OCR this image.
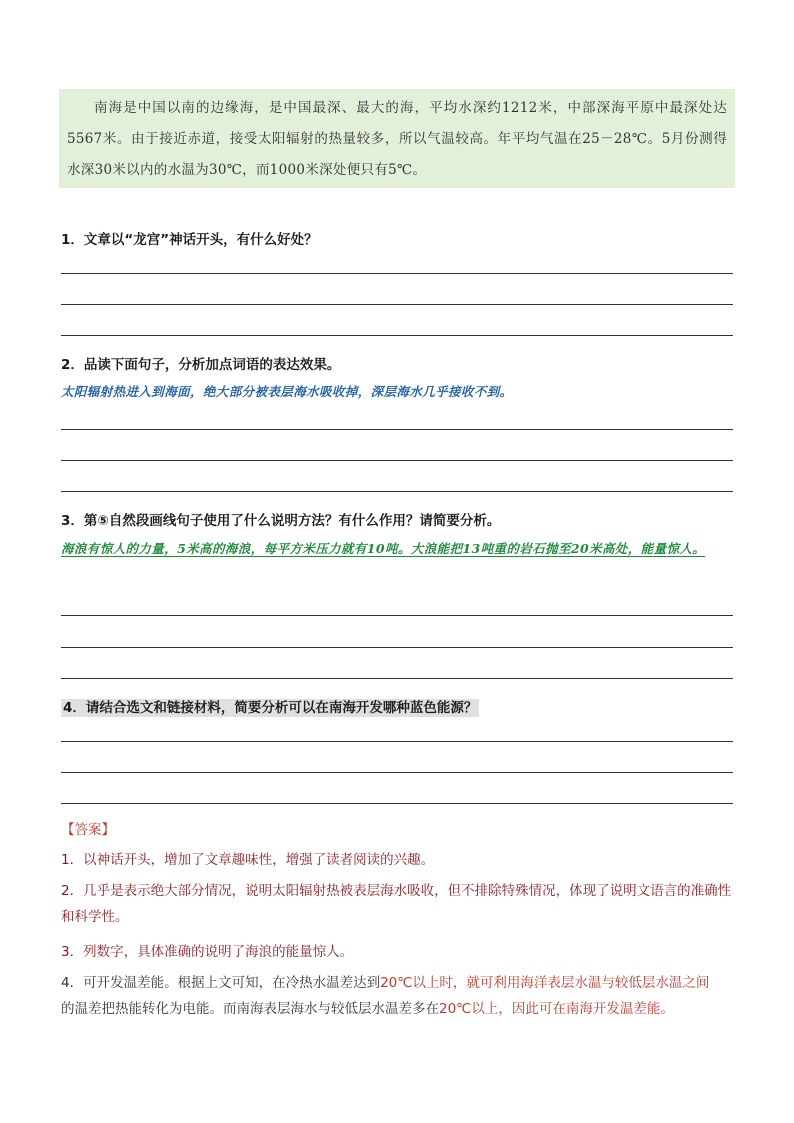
南海是中国以南的边缘海，是中国最深、最大的海，平均水深约1212米，中部深海平原中最深处达5567米。由于接近赤道，接受太阳辐射的热量较多，所以气温较高。年平均气温在25－28℃。5月份测得水深30米以内的水温为30℃，而1000米深处便只有5℃。
1．文章以“龙宫”神话开头，有什么好处？
2．品读下面句子，分析加点词语的表达效果。
太阳辐射热进入到海面，绝大部分被表层海水吸收掉，深层海水几乎接收不到。
3．第⑤自然段画线句子使用了什么说明方法？有什么作用？请简要分析。
海浪有惊人的力量，5米高的海浪，每平方米压力就有10吨。大浪能把13吨重的岩石抛至20米高处，能量惊人。
4．请结合选文和链接材料，简要分析可以在南海开发哪种蓝色能源？
【答案】
1．以神话开头，增加了文章趣味性，增强了读者阅读的兴趣。
2．几乎是表示绝大部分情况，说明太阳辐射热被表层海水吸收，但不排除特殊情况，体现了说明文语言的准确性和科学性。
3．列数字，具体准确的说明了海浪的能量惊人。
4．可开发温差能。根据上文可知，在冷热水温差达到20℃以上时，就可利用海洋表层水温与较低层水温之间
的温差把热能转化为电能。而南海表层海水与较低层水温差多在20℃以上，因此可在南海开发温差能。
